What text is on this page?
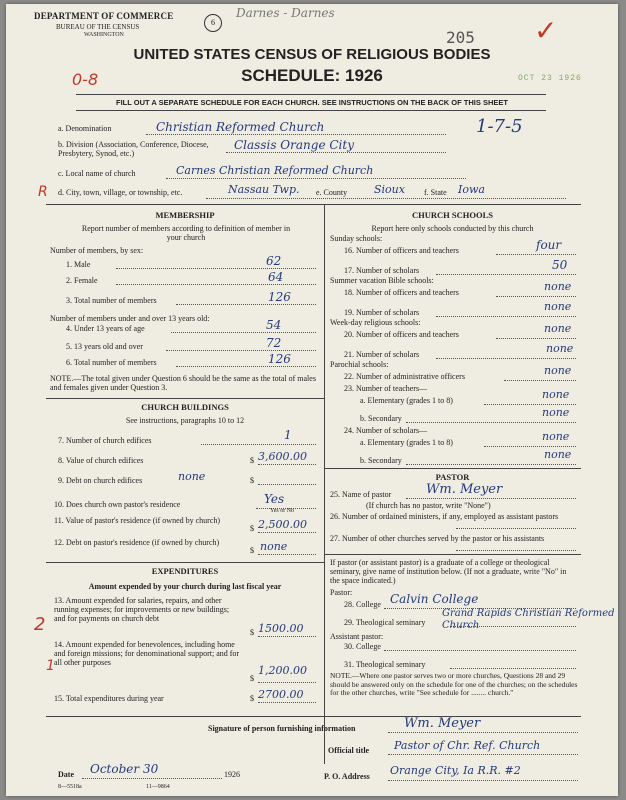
DEPARTMENT OF COMMERCE
BUREAU OF THE CENSUS
WASHINGTON
6
Darnes - Darnes
205 ✓
UNITED STATES CENSUS OF RELIGIOUS BODIES
SCHEDULE: 1926
0-8	OCT 23 1926
FILL OUT A SEPARATE SCHEDULE FOR EACH CHURCH. SEE INSTRUCTIONS ON THE BACK OF THIS SHEET
a. Denomination	Christian Reformed Church	1-7-5
b. Division (Association, Conference, Diocese, Presbytery, Synod, etc.)
Classis Orange City
c. Local name of church	Carnes Christian Reformed Church
R d. City, town, village, or township, etc.	Nassau Twp. e. County Sioux f. State Iowa
MEMBERSHIP
Report number of members according to definition of member in your church
Number of members, by sex:
1. Male	62
2. Female	64
3. Total number of members	126
Number of members under and over 13 years old:
4. Under 13 years of age	54
5. 13 years old and over	72
6. Total number of members	126
NOTE.—The total given under Question 6 should be the same as the total of males and females given under Question 3.
CHURCH BUILDINGS
See instructions, paragraphs 10 to 12
7. Number of church edifices	1
8. Value of church edifices	$ 3,600.00
9. Debt on church edifices	none	$
10. Does church own pastor's residence	Yes
Yes or No
11. Value of pastor's residence (if owned by church)
$ 2,500.00
12. Debt on pastor's residence (if owned by church)
$ none
EXPENDITURES
Amount expended by your church during last fiscal year
13. Amount expended for salaries, repairs, and other running expenses; for improvements or new buildings; and for payments on church debt
$ 1500.00
2
14. Amount expended for benevolences, including home and foreign missions; for denominational support; and for all other purposes
$
1,200.00
1
15. Total expenditures during year	$ 2700.00
CHURCH SCHOOLS
Report here only schools conducted by this church
Sunday schools:
16. Number of officers and teachers	four
17. Number of scholars	50
Summer vacation Bible schools:
18. Number of officers and teachers	none
19. Number of scholars	none
Week-day religious schools:
20. Number of officers and teachers	none
21. Number of scholars	none
Parochial schools:
22. Number of administrative officers	none
23. Number of teachers—
a. Elementary (grades 1 to 8)	none
b. Secondary	none
24. Number of scholars—
a. Elementary (grades 1 to 8)	none
b. Secondary	none
PASTOR
25. Name of pastor	Wm. Meyer
(If church has no pastor, write "None")
26. Number of ordained ministers, if any, employed as assistant pastors
27. Number of other churches served by the pastor or his assistants
If pastor (or assistant pastor) is a graduate of a college or theological seminary, give name of institution below. (If not a graduate, write "No" in the space indicated.)
Pastor:
28. College Calvin College
29. Theological seminary
Grand Rapids Christian Reformed Church
Assistant pastor:
30. College
31. Theological seminary
NOTE.—Where one pastor serves two or more churches, Questions 28 and 29 should be answered only on the schedule for one of the churches; on the schedules for the other churches, write "See schedule for ........ church."
Signature of person furnishing information	Wm. Meyer
Official title Pastor of Chr. Ref. Church
Date October 30	1926	P. O. Address Orange City, Ia R.R. #2
8—5518a	11—9864
